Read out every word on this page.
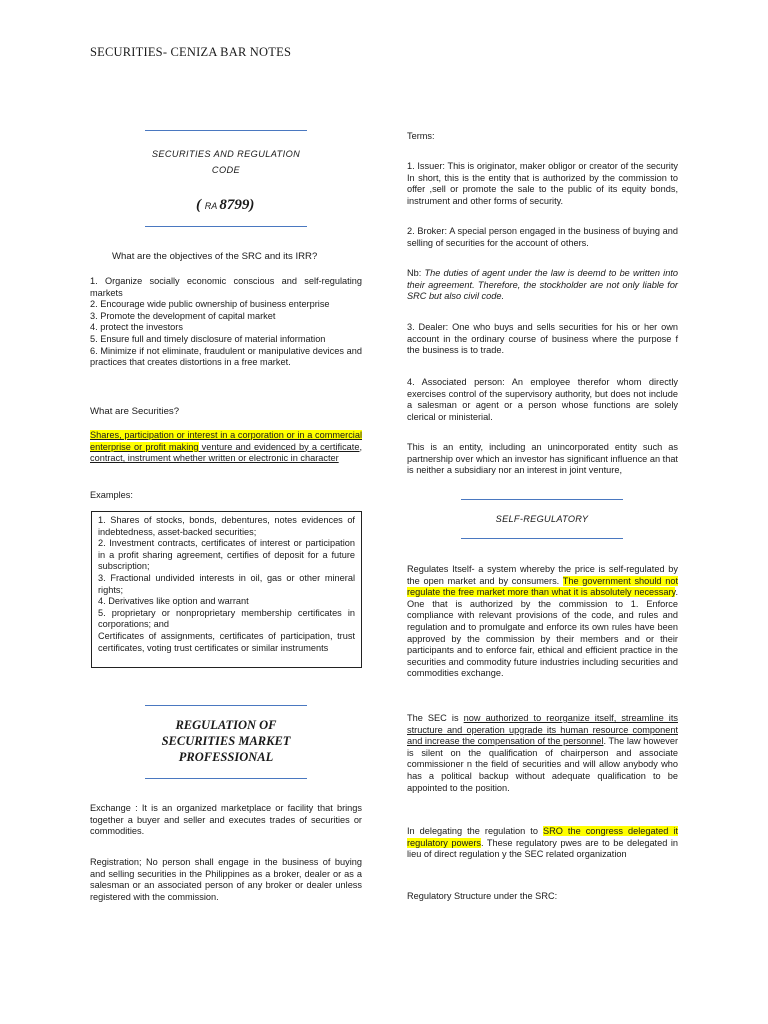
SECURITIES- CENIZA BAR NOTES
SECURITIES AND REGULATION
CODE
( RA 8799)
What are the objectives of the SRC and its IRR?
1. Organize socially economic conscious and self-regulating markets
2. Encourage wide public ownership of business enterprise
3. Promote the development of capital market
4. protect the investors
5. Ensure full and timely disclosure of material information
6. Minimize if not eliminate, fraudulent or manipulative devices and practices that creates distortions in a free market.
What are Securities?
Shares, participation or interest in a corporation or in a commercial enterprise or profit making venture and evidenced by a certificate, contract, instrument whether written or electronic in character
Examples:
1. Shares of stocks, bonds, debentures, notes evidences of indebtedness, asset-backed securities;
2. Investment contracts, certificates of interest or participation in a profit sharing agreement, certifies of deposit for a future subscription;
3. Fractional undivided interests in oil, gas or other mineral rights;
4. Derivatives like option and warrant
5. proprietary or nonproprietary membership certificates in corporations; and
Certificates of assignments, certificates of participation, trust certificates, voting trust certificates or similar instruments
REGULATION OF
SECURITIES MARKET
PROFESSIONAL
Exchange : It is an organized marketplace or facility that brings together a buyer and seller and executes trades of securities or commodities.
Registration; No person shall engage in the business of buying and selling securities in the Philippines as a broker, dealer or as a salesman or an associated person of any broker or dealer unless registered with the commission.
Terms:
1. Issuer: This is originator, maker obligor or creator of the security In short, this is the entity that is authorized by the commission to offer ,sell or promote the sale to the public of its equity bonds, instrument and other forms of security.
2. Broker: A special person engaged in the business of buying and selling of securities for the account of others.
Nb: The duties of agent under the law is deemd to be written into their agreement. Therefore, the stockholder are not only liable for SRC but also civil code.
3. Dealer: One who buys and sells securities for his or her own account in the ordinary course of business where the purpose f the business is to trade.
4. Associated person: An employee therefor whom directly exercises control of the supervisory authority, but does not include a salesman or agent or a person whose functions are solely clerical or ministerial.
This is an entity, including an unincorporated entity such as partnership over which an investor has significant influence an that is neither a subsidiary nor an interest in joint venture,
SELF-REGULATORY
Regulates Itself- a system whereby the price is self-regulated by the open market and by consumers. The government should not regulate the free market more than what it is absolutely necessary. One that is authorized by the commission to 1. Enforce compliance with relevant provisions of the code, and rules and regulation and to promulgate and enforce its own rules have been approved by the commission by their members and or their participants and to enforce fair, ethical and efficient practice in the securities and commodity future industries including securities and commodities exchange.
The SEC is now authorized to reorganize itself, streamline its structure and operation upgrade its human resource component and increase the compensation of the personnel. The law however is silent on the qualification of chairperson and associate commissioner n the field of securities and will allow anybody who has a political backup without adequate qualification to be appointed to the position.
In delegating the regulation to SRO the congress delegated it regulatory powers. These regulatory pwes are to be delegated in lieu of direct regulation y the SEC related organization
Regulatory Structure under the SRC:
